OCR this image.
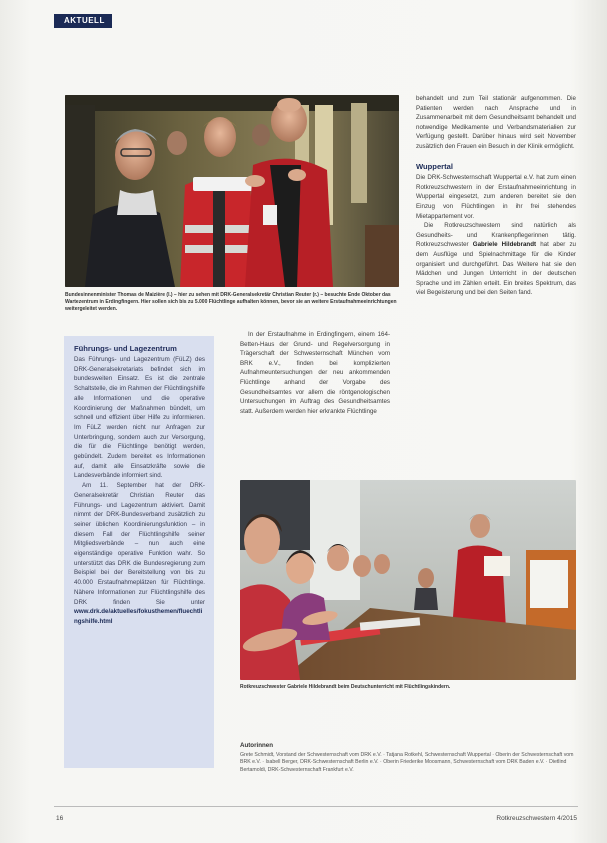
AKTUELL
Bundesinnenminister Thomas de Maizière (l.) – hier zu sehen mit DRK-Generalsekretär Christian Reuter (r.) – besuchte Ende Oktober das Wartezentrum in Erdingfingern. Hier sollen sich bis zu 5.000 Flüchtlinge aufhalten können, bevor sie an weitere Erstaufnahmeeinrichtungen weitergeleitet werden.

Führungs- und Lagezentrum

Das Führungs- und Lagezentrum (FüLZ) des DRK-Generalsekretariats befindet sich im bundesweiten Einsatz. Es ist die zentrale Schaltstelle, die im Rahmen der Flüchtlingshilfe alle Informationen und die operative Koordinierung der Maßnahmen bündelt, um schnell und effizient über Hilfe zu informieren. Im FüLZ werden nicht nur Anfragen zur Unterbringung, sondern auch zur Versorgung, die für die Flüchtlinge benötigt werden, gebündelt. Zudem bereitet es Informationen auf, damit alle Einsatzkräfte sowie die Landesverbände informiert sind.

Am 11. September hat der DRK-Generalsekretär Christian Reuter das Führungs- und Lagezentrum aktiviert. Damit nimmt der DRK-Bundesverband zusätzlich zu seiner üblichen Koordinierungsfunktion – in diesem Fall der Flüchtlingshilfe seiner Mitgliedsverbände – nun auch eine eigenständige operative Funktion wahr. So unterstützt das DRK die Bundesregierung zum Beispiel bei der Bereitstellung von bis zu 40.000 Erstaufnahmeplätzen für Flüchtlinge. Nähere Informationen zur Flüchtlingshilfe des DRK finden Sie unter www.drk.de/aktuelles/fokusthemen/fluechtlingshilfe.html

In der Erstaufnahme in Erdingfingern, einem 164-Betten-Haus der Grund- und Regelversorgung in Trägerschaft der Schwesternschaft München vom BRK e.V., finden bei komplizierten Aufnahmeuntersuchungen der neu ankommenden Flüchtlinge anhand der Vorgabe des Gesundheitsamtes vor allem die röntgenologischen Untersuchungen im Auftrag des Gesundheitsamtes statt. Außerdem werden hier erkrankte Flüchtlinge

behandelt und zum Teil stationär aufgenommen. Die Patienten werden nach Ansprache und in Zusammenarbeit mit dem Gesundheitsamt behandelt und notwendige Medikamente und Verbandsmaterialien zur Verfügung gestellt. Darüber hinaus wird seit November zusätzlich den Frauen ein Besuch in der Klinik ermöglicht.

Wuppertal

Die DRK-Schwesternschaft Wuppertal e.V. hat zum einen Rotkreuzschwestern in der Erstaufnahmeeinrichtung in Wuppertal eingesetzt, zum anderen bereitet sie den Einzug von Flüchtlingen in ihr frei stehendes Mietappartement vor.

Die Rotkreuzschwestern sind natürlich als Gesundheits- und Krankenpflegerinnen tätig. Rotkreuzschwester Gabriele Hildebrandt hat aber zu dem Ausflüge und Spielnachmittage für die Kinder organisiert und durchgeführt. Das Weitere hat sie den Mädchen und Jungen Unterricht in der deutschen Sprache und im Zählen erteilt. Ein breites Spektrum, das viel Begeisterung und bei den Seiten fand.

Rotkreuzschwester Gabriele Hildebrandt beim Deutschunterricht mit Flüchtlingskindern.
Autorinnen
Grete Schmidt, Vorstand der Schwesternschaft vom DRK e.V. · Tatjana Rotkehl, Schwesternschaft Wuppertal · Oberin der Schwesternschaft vom BRK e.V. · Isabell Berger, DRK-Schwesternschaft Berlin e.V. · Oberin Friederike Moosmann, Schwesternschaft vom DRK Baden e.V. · Dietlind Bertamoldi, DRK-Schwesternschaft Frankfurt e.V.
16	Rotkreuzschwestern 4/2015
